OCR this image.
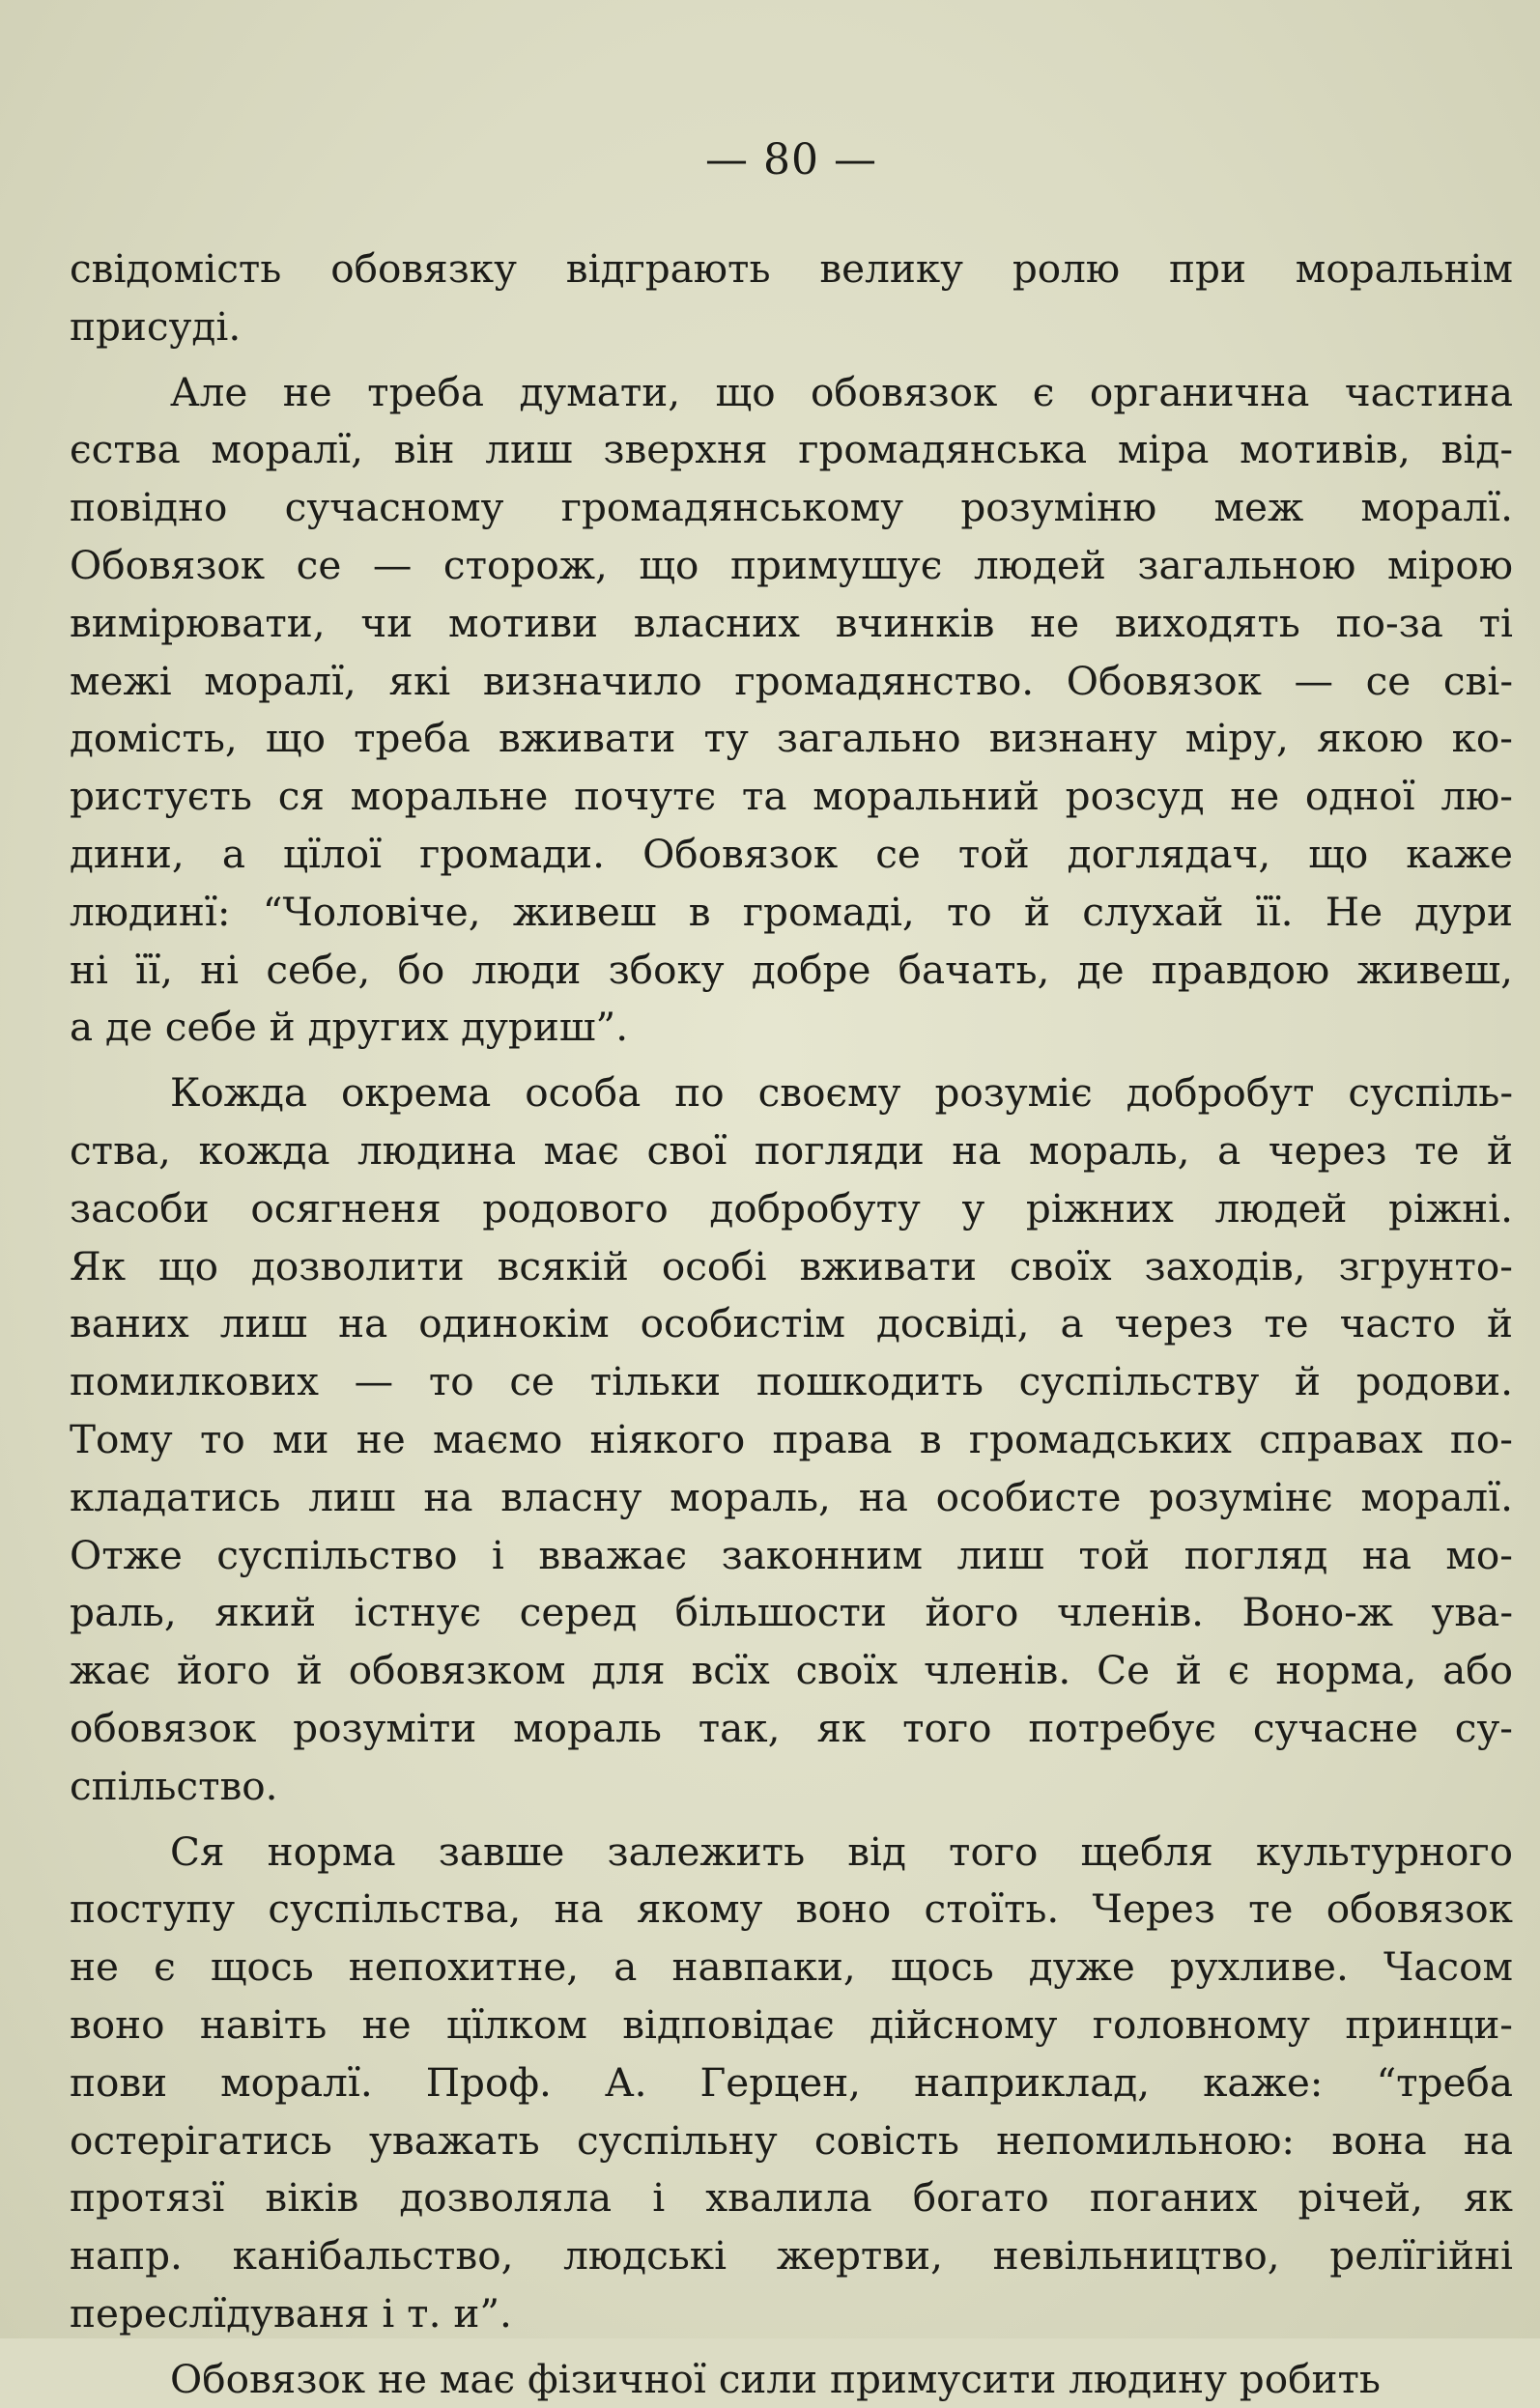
— 80 —

свідомість обовязку відграють велику ролю при моральнім
присуді.

Але не треба думати, що обовязок є органична частина
єства моралї, він лиш зверхня громадянська міра мотивів, від-
повідно сучасному громадянському розуміню меж моралї.
Обовязок се — сторож, що примушує людей загальною мірою
вимірювати, чи мотиви власних вчинків не виходять по-за ті
межі моралї, які визначило громадянство. Обовязок — се сві-
домість, що треба вживати ту загально визнану міру, якою ко-
ристуєть ся моральне почутє та моральний розсуд не одної лю-
дини, а цїлої громади. Обовязок се той доглядач, що каже
людинї: “Чоловіче, живеш в громаді, то й слухай її. Не дури
ні її, ні себе, бо люди збоку добре бачать, де правдою живеш,
а де себе й других дуриш”.

Кожда окрема особа по своєму розуміє добробут суспіль-
ства, кожда людина має свої погляди на мораль, а через те й
засоби осягненя родового добробуту у ріжних людей ріжні.
Як що дозволити всякій особі вживати своїх заходів, згрунто-
ваних лиш на одинокім особистім досвіді, а через те часто й
помилкових — то се тільки пошкодить суспільству й родови.
Тому то ми не маємо ніякого права в громадських справах по-
кладатись лиш на власну мораль, на особисте розумінє моралї.
Отже суспільство і вважає законним лиш той погляд на мо-
раль, який істнує серед більшости його членів. Воно-ж ува-
жає його й обовязком для всїх своїх членів. Се й є норма, або
обовязок розуміти мораль так, як того потребує сучасне су-
спільство.

Ся норма завше залежить від того щебля культурного
поступу суспільства, на якому воно стоїть. Через те обовязок
не є щось непохитне, а навпаки, щось дуже рухливе. Часом
воно навіть не цїлком відповідає дійсному головному принци-
пови моралї. Проф. А. Герцен, наприклад, каже: “треба
остерігатись уважать суспільну совість непомильною: вона на
протязї віків дозволяла і хвалила богато поганих річей, як
напр. канібальство, людські жертви, невільництво, релїгійні
переслїдуваня і т. и”.

Обовязок не має фізичної сили примусити людину робить
